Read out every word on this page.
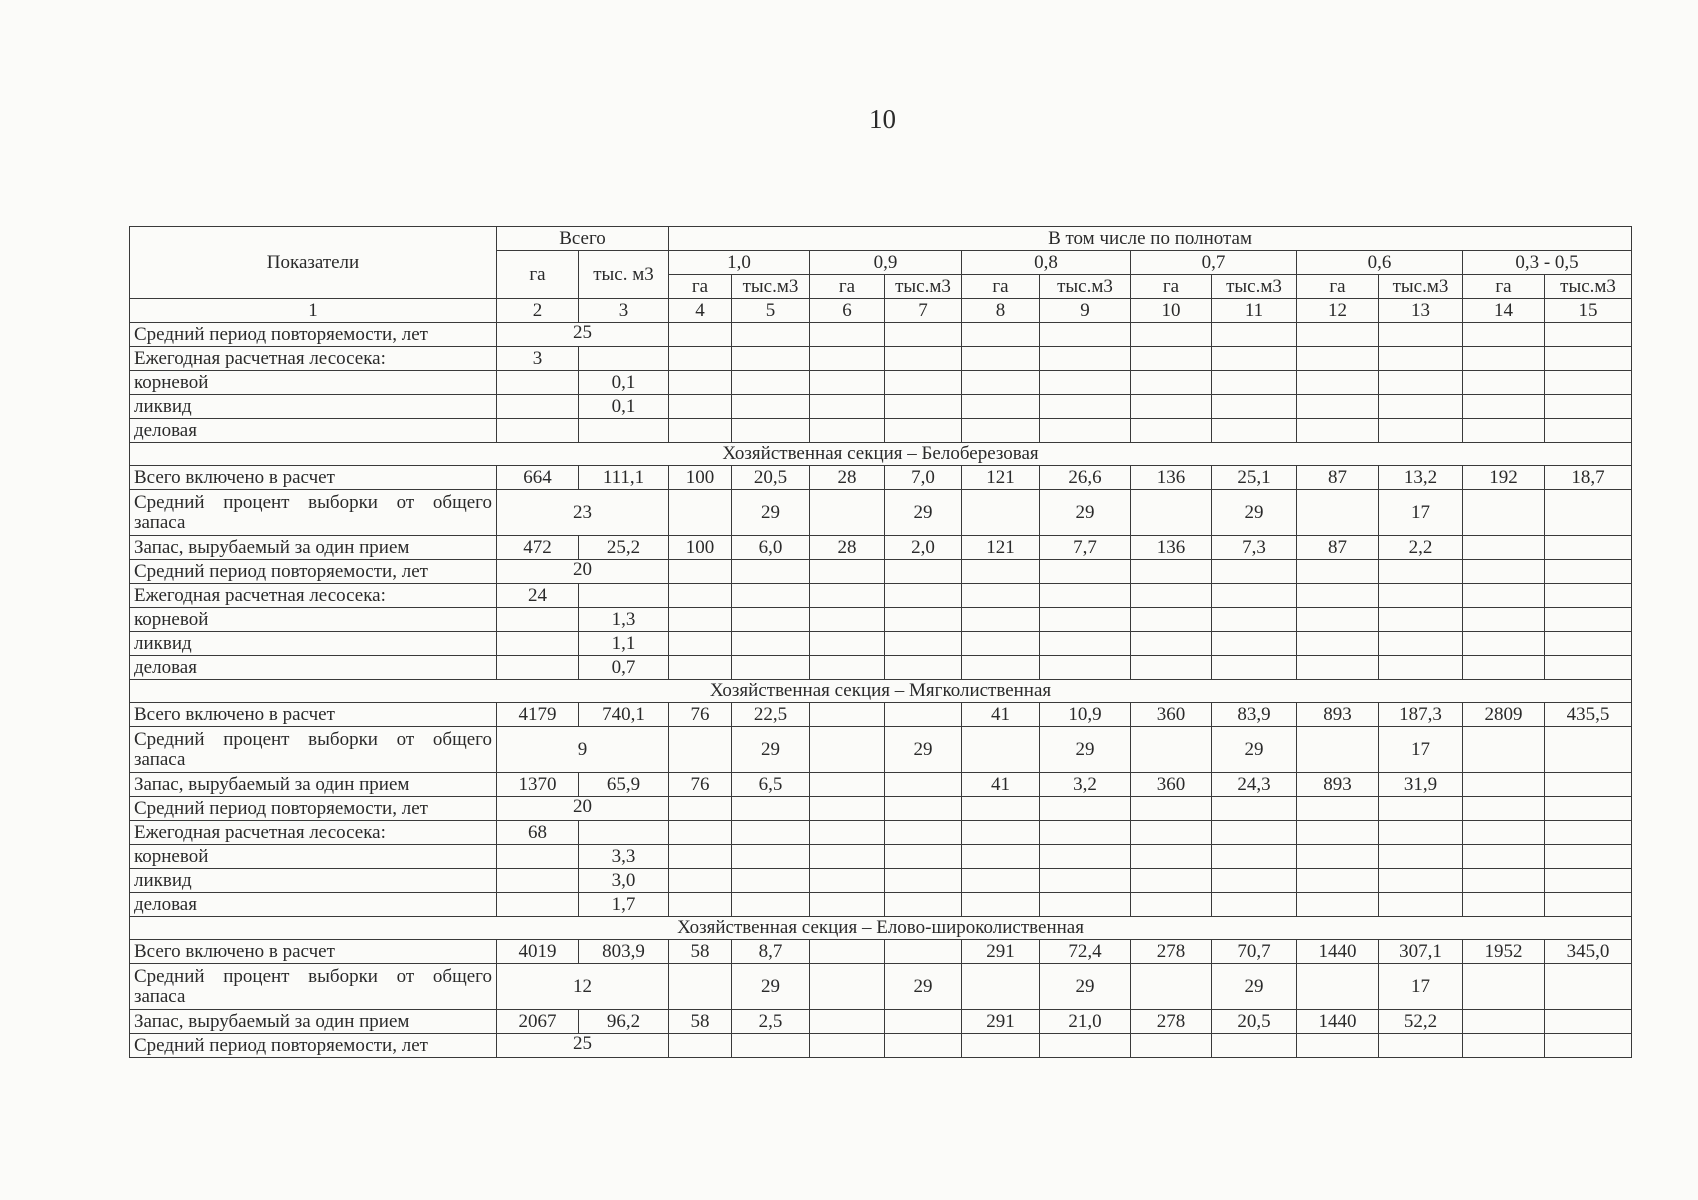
10
Показатели	Всего		В том числе по полнотам											
	га	тыс. м3	1,0		0,9		0,8		0,7		0,6		0,3 - 0,5	
			га	тыс.м3	га	тыс.м3	га	тыс.м3	га	тыс.м3	га	тыс.м3	га	тыс.м3
1	2	3	4	5	6	7	8	9	10	11	12	13	14	15
Средний период повторяемости, лет	25													
Ежегодная расчетная лесосека:	3													
корневой		0,1												
ликвид		0,1												
деловая														
Хозяйственная секция – Белоберезовая														
Всего включено в расчет	664	111,1	100	20,5	28	7,0	121	26,6	136	25,1	87	13,2	192	18,7
Средний процент выборки от общего запаса	23			29		29		29		29		17		
Запас, вырубаемый за один прием	472	25,2	100	6,0	28	2,0	121	7,7	136	7,3	87	2,2		
Средний период повторяемости, лет	20													
Ежегодная расчетная лесосека:	24													
корневой		1,3												
ликвид		1,1												
деловая		0,7												
Хозяйственная секция – Мягколиственная														
Всего включено в расчет	4179	740,1	76	22,5			41	10,9	360	83,9	893	187,3	2809	435,5
Средний процент выборки от общего запаса	9			29		29		29		29		17		
Запас, вырубаемый за один прием	1370	65,9	76	6,5			41	3,2	360	24,3	893	31,9		
Средний период повторяемости, лет	20													
Ежегодная расчетная лесосека:	68													
корневой		3,3												
ликвид		3,0												
деловая		1,7												
Хозяйственная секция – Елово-широколиственная														
Всего включено в расчет	4019	803,9	58	8,7			291	72,4	278	70,7	1440	307,1	1952	345,0
Средний процент выборки от общего запаса	12			29		29		29		29		17		
Запас, вырубаемый за один прием	2067	96,2	58	2,5			291	21,0	278	20,5	1440	52,2		
Средний период повторяемости, лет	25													
